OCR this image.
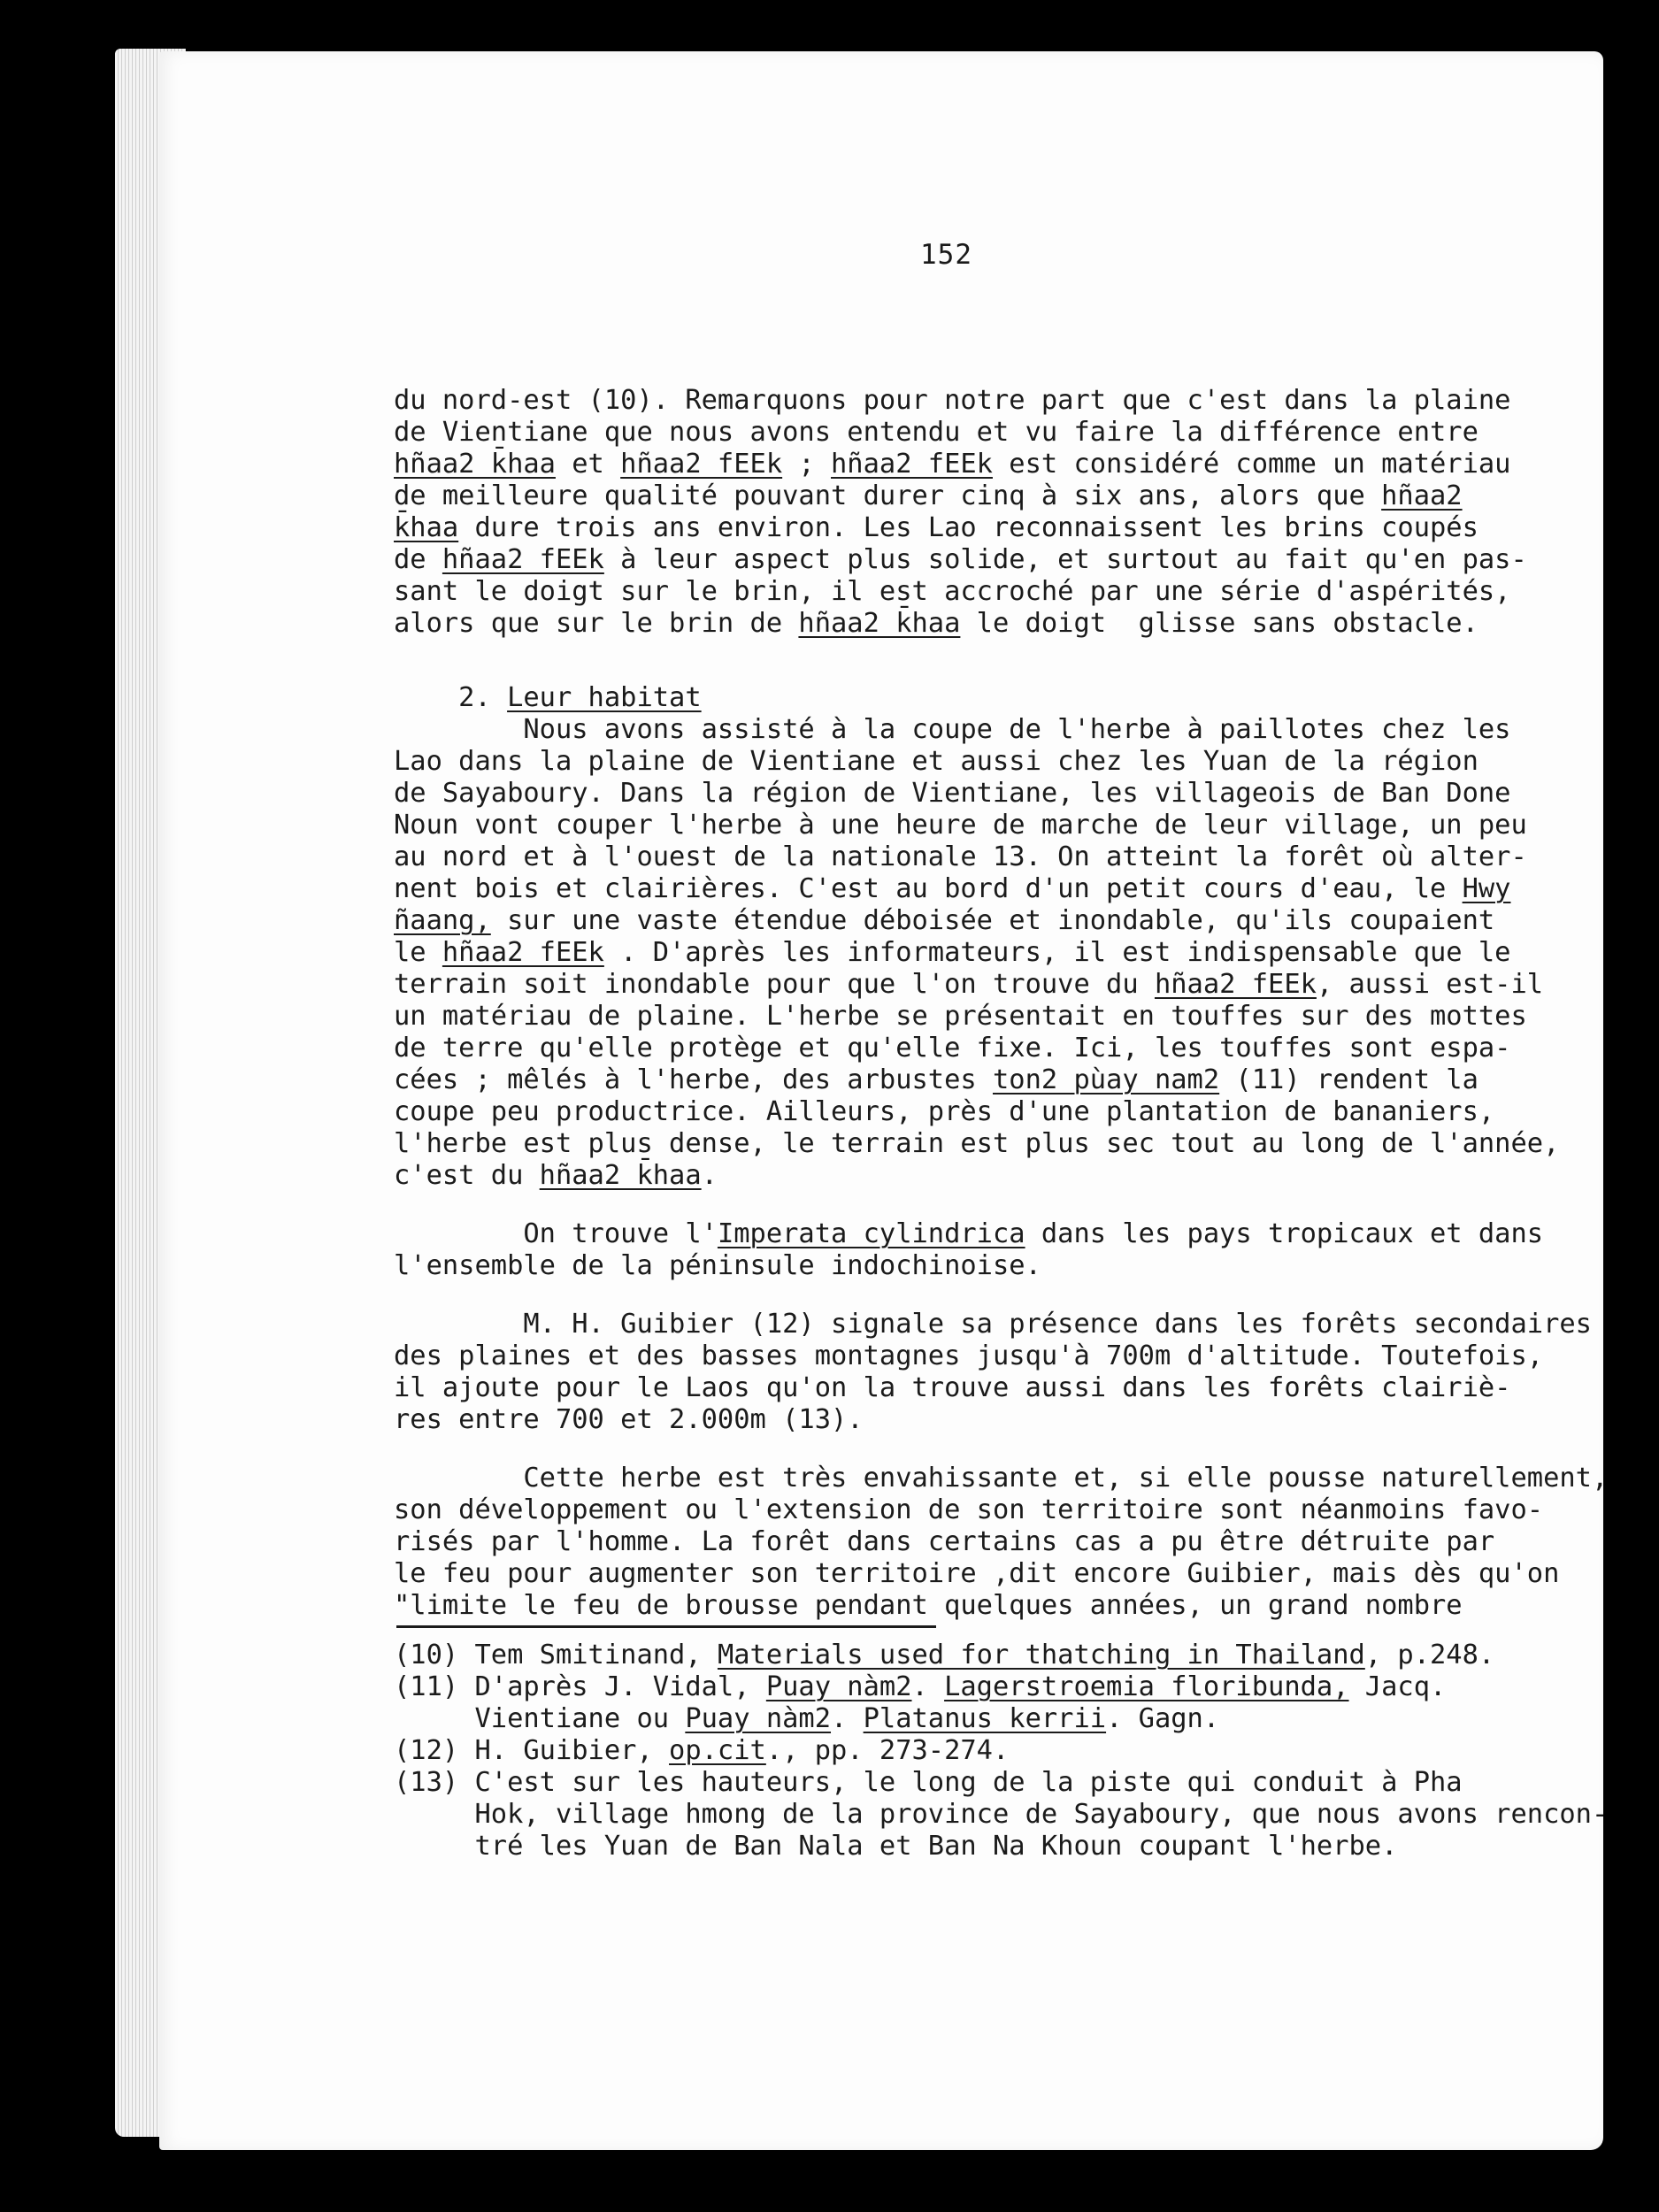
152
du nord-est (10). Remarquons pour notre part que c'est dans la plaine
de Vientiane que nous avons entendu et vu faire la différence entre
hñaa2 k̄haa et hñaa2 fEEk ; hñaa2 fEEk est considéré comme un matériau
de meilleure qualité pouvant durer cinq à six ans, alors que hñaa2
k̄haa dure trois ans environ. Les Lao reconnaissent les brins coupés
de hñaa2 fEEk à leur aspect plus solide, et surtout au fait qu'en pas-
sant le doigt sur le brin, il est accroché par une série d'aspérités,
alors que sur le brin de hñaa2 k̄haa le doigt  glisse sans obstacle.
2. Leur habitat
Nous avons assisté à la coupe de l'herbe à paillotes chez les
Lao dans la plaine de Vientiane et aussi chez les Yuan de la région
de Sayaboury. Dans la région de Vientiane, les villageois de Ban Done
Noun vont couper l'herbe à une heure de marche de leur village, un peu
au nord et à l'ouest de la nationale 13. On atteint la forêt où alter-
nent bois et clairières. C'est au bord d'un petit cours d'eau, le Hwy
ñaang, sur une vaste étendue déboisée et inondable, qu'ils coupaient
le hñaa2 fEEk . D'après les informateurs, il est indispensable que le
terrain soit inondable pour que l'on trouve du hñaa2 fEEk, aussi est-il
un matériau de plaine. L'herbe se présentait en touffes sur des mottes
de terre qu'elle protège et qu'elle fixe. Ici, les touffes sont espa-
cées ; mêlés à l'herbe, des arbustes ton2 pùay nam2 (11) rendent la
coupe peu productrice. Ailleurs, près d'une plantation de bananiers,
l'herbe est plus dense, le terrain est plus sec tout au long de l'année,
c'est du hñaa2 k̄haa.
On trouve l'Imperata cylindrica dans les pays tropicaux et dans
l'ensemble de la péninsule indochinoise.
M. H. Guibier (12) signale sa présence dans les forêts secondaires
des plaines et des basses montagnes jusqu'à 700m d'altitude. Toutefois,
il ajoute pour le Laos qu'on la trouve aussi dans les forêts clairiè-
res entre 700 et 2.000m (13).
Cette herbe est très envahissante et, si elle pousse naturellement,
son développement ou l'extension de son territoire sont néanmoins favo-
risés par l'homme. La forêt dans certains cas a pu être détruite par
le feu pour augmenter son territoire ,dit encore Guibier, mais dès qu'on
"limite le feu de brousse pendant quelques années, un grand nombre
(10) Tem Smitinand, Materials used for thatching in Thailand, p.248.
(11) D'après J. Vidal, Puay nàm2. Lagerstroemia floribunda, Jacq.
Vientiane ou Puay nàm2. Platanus kerrii. Gagn.
(12) H. Guibier, op.cit., pp. 273-274.
(13) C'est sur les hauteurs, le long de la piste qui conduit à Pha
Hok, village hmong de la province de Sayaboury, que nous avons rencon-
tré les Yuan de Ban Nala et Ban Na Khoun coupant l'herbe.
